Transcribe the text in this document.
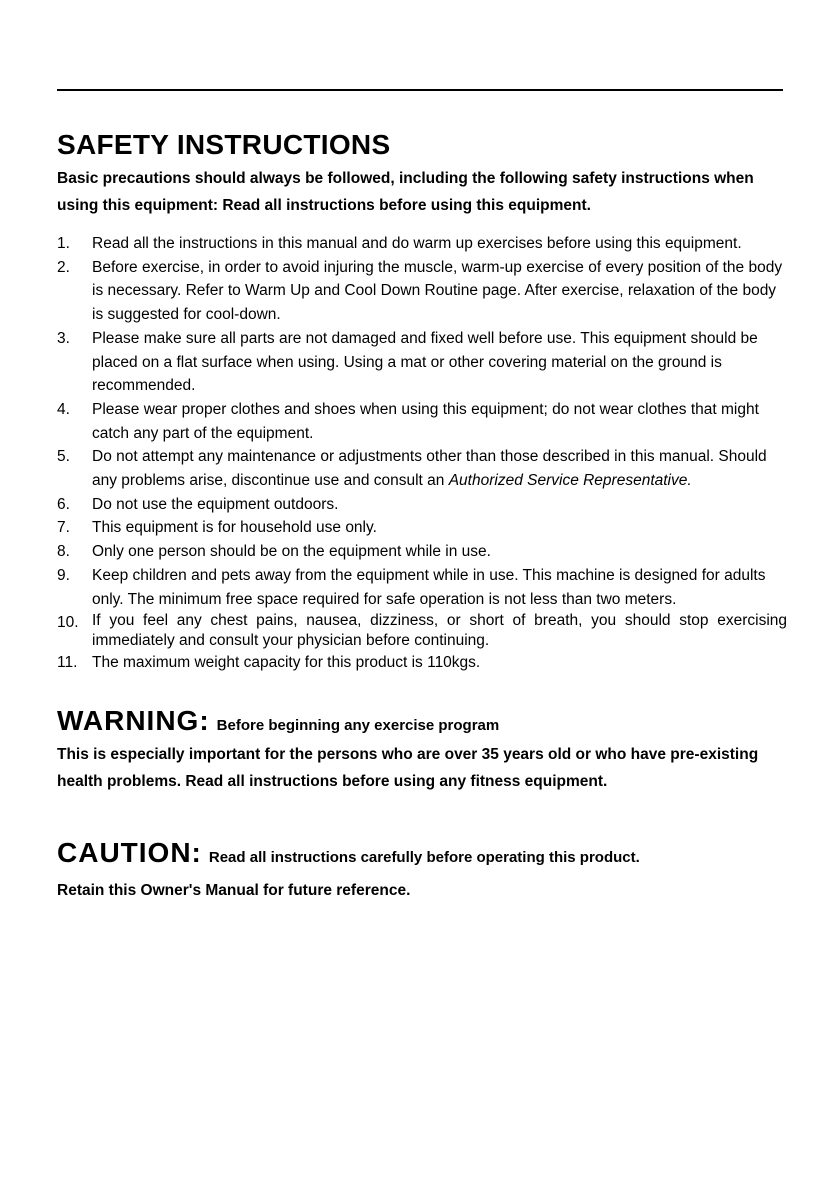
SAFETY INSTRUCTIONS

Basic precautions should always be followed, including the following safety instructions when using this equipment: Read all instructions before using this equipment.

1. Read all the instructions in this manual and do warm up exercises before using this equipment.
2. Before exercise, in order to avoid injuring the muscle, warm-up exercise of every position of the body is necessary. Refer to Warm Up and Cool Down Routine page. After exercise, relaxation of the body is suggested for cool-down.
3. Please make sure all parts are not damaged and fixed well before use. This equipment should be placed on a flat surface when using. Using a mat or other covering material on the ground is recommended.
4. Please wear proper clothes and shoes when using this equipment; do not wear clothes that might catch any part of the equipment.
5. Do not attempt any maintenance or adjustments other than those described in this manual. Should any problems arise, discontinue use and consult an Authorized Service Representative.
6. Do not use the equipment outdoors.
7. This equipment is for household use only.
8. Only one person should be on the equipment while in use.
9. Keep children and pets away from the equipment while in use. This machine is designed for adults only. The minimum free space required for safe operation is not less than two meters.
10. If you feel any chest pains, nausea, dizziness, or short of breath, you should stop exercising immediately and consult your physician before continuing.
11. The maximum weight capacity for this product is 110kgs.
WARNING : Before beginning any exercise program

This is especially important for the persons who are over 35 years old or who have pre-existing health problems. Read all instructions before using any fitness equipment.

CAUTION : Read all instructions carefully before operating this product.

Retain this Owner's Manual for future reference.
